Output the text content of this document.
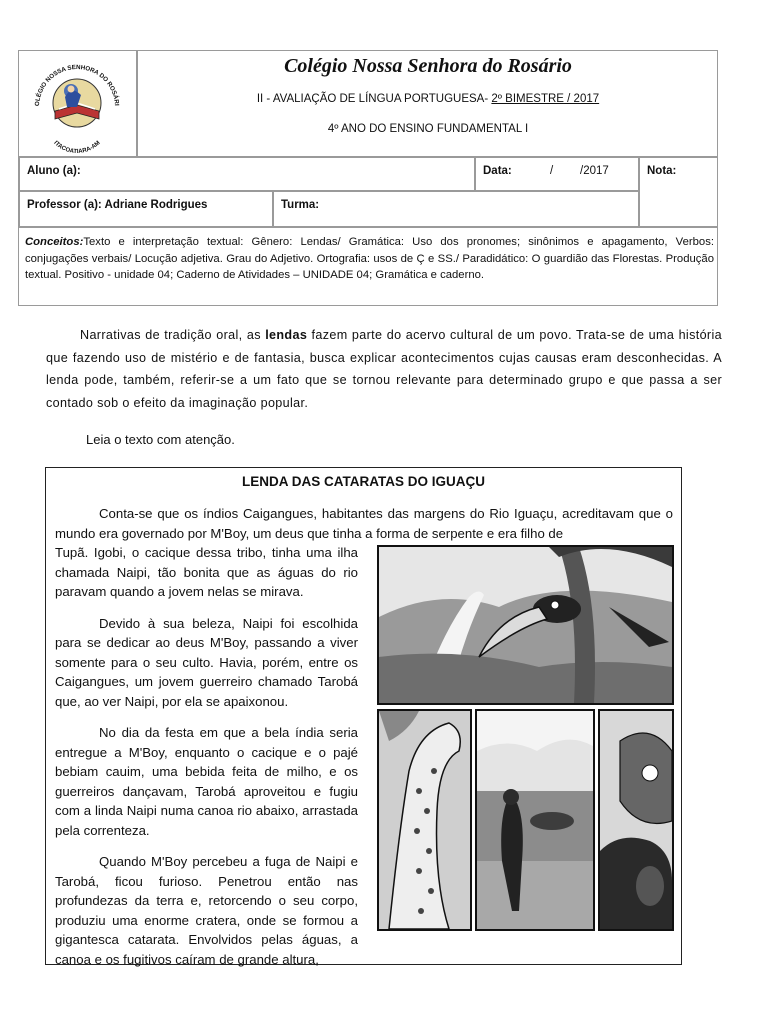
OLÉGIO NOSSA SENHORA DO ROSÁRI
ITACOATIARA-AM
Colégio Nossa Senhora do Rosário
II - AVALIAÇÃO DE LÍNGUA PORTUGUESA- 2º BIMESTRE / 2017
4º ANO DO ENSINO FUNDAMENTAL I
Aluno (a):	Data:	/ /2017	Nota:
Professor (a): Adriane Rodrigues	Turma:
Conceitos:Texto e interpretação textual: Gênero: Lendas/ Gramática: Uso dos pronomes; sinônimos e apagamento, Verbos: conjugações verbais/ Locução adjetiva. Grau do Adjetivo. Ortografia: usos de Ç e SS./ Paradidático: O guardião das Florestas. Produção textual. Positivo - unidade 04; Caderno de Atividades – UNIDADE 04; Gramática e caderno.

Narrativas de tradição oral, as lendas fazem parte do acervo cultural de um povo. Trata-se de uma história que fazendo uso de mistério e de fantasia, busca explicar acontecimentos cujas causas eram desconhecidas. A lenda pode, também, referir-se a um fato que se tornou relevante para determinado grupo e que passa a ser contado sob o efeito da imaginação popular.

Leia o texto com atenção.
LENDA DAS CATARATAS DO IGUAÇU

Conta-se que os índios Caigangues, habitantes das margens do Rio Iguaçu, acreditavam que o mundo era governado por M'Boy, um deus que tinha a forma de serpente e era filho de

Tupã. Igobi, o cacique dessa tribo, tinha uma ilha chamada Naipi, tão bonita que as águas do rio paravam quando a jovem nelas se mirava.

Devido à sua beleza, Naipi foi escolhida para se dedicar ao deus M'Boy, passando a viver somente para o seu culto. Havia, porém, entre os Caigangues, um jovem guerreiro chamado Tarobá que, ao ver Naipi, por ela se apaixonou.

No dia da festa em que a bela índia seria entregue a M'Boy, enquanto o cacique e o pajé bebiam cauim, uma bebida feita de milho, e os guerreiros dançavam, Tarobá aproveitou e fugiu com a linda Naipi numa canoa rio abaixo, arrastada pela correnteza.

Quando M'Boy percebeu a fuga de Naipi e Tarobá, ficou furioso. Penetrou então nas profundezas da terra e, retorcendo o seu corpo, produziu uma enorme cratera, onde se formou a gigantesca catarata. Envolvidos pelas águas, a canoa e os fugitivos caíram de grande altura,
